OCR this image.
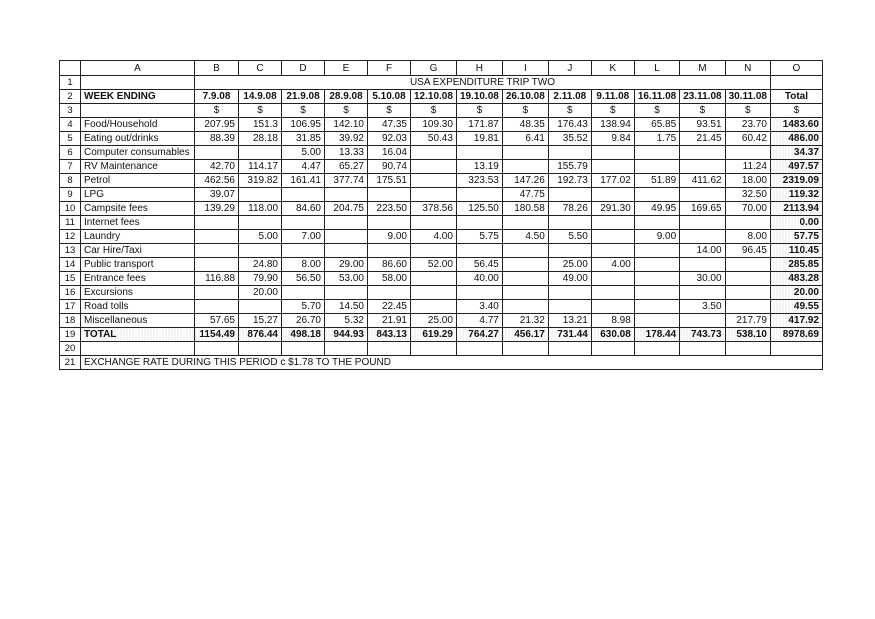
	A	B	C	D	E	F	G	H	I	J	K	L	M	N	O
1		USA EXPENDITURE TRIP TWO													
2	WEEK ENDING	7.9.08	14.9.08	21.9.08	28.9.08	5.10.08	12.10.08	19.10.08	26.10.08	2.11.08	9.11.08	16.11.08	23.11.08	30.11.08	Total
3		$	$	$	$	$	$	$	$	$	$	$	$	$	$
4	Food/Household	207.95	151.3	106.95	142.10	47.35	109.30	171.87	48.35	176.43	138.94	65.85	93.51	23.70	1483.60
5	Eating out/drinks	88.39	28.18	31.85	39.92	92.03	50.43	19.81	6.41	35.52	9.84	1.75	21.45	60.42	486.00
6	Computer consumables			5.00	13.33	16.04									34.37
7	RV Maintenance	42.70	114.17	4.47	65.27	90.74		13.19		155.79				11.24	497.57
8	Petrol	462.56	319.82	161.41	377.74	175.51		323.53	147.26	192.73	177.02	51.89	411.62	18.00	2319.09
9	LPG	39.07							47.75					32.50	119.32
10	Campsite fees	139.29	118.00	84.60	204.75	223.50	378.56	125.50	180.58	78.26	291.30	49.95	169.65	70.00	2113.94
11	Internet fees														0.00
12	Laundry		5.00	7.00		9.00	4.00	5.75	4.50	5.50		9.00		8.00	57.75
13	Car Hire/Taxi												14.00	96.45	110.45
14	Public transport		24.80	8.00	29.00	86.60	52.00	56.45		25.00	4.00				285.85
15	Entrance fees	116.88	79.90	56.50	53.00	58.00		40.00		49.00			30.00		483.28
16	Excursions		20.00												20.00
17	Road tolls			5.70	14.50	22.45		3.40					3.50		49.55
18	Miscellaneous	57.65	15.27	26.70	5.32	21.91	25.00	4.77	21.32	13.21	8.98			217.79	417.92
19	TOTAL	1154.49	876.44	498.18	944.93	843.13	619.29	764.27	456.17	731.44	630.08	178.44	743.73	538.10	8978.69
20															
21	EXCHANGE RATE DURING THIS PERIOD c $1.78 TO THE POUND														
